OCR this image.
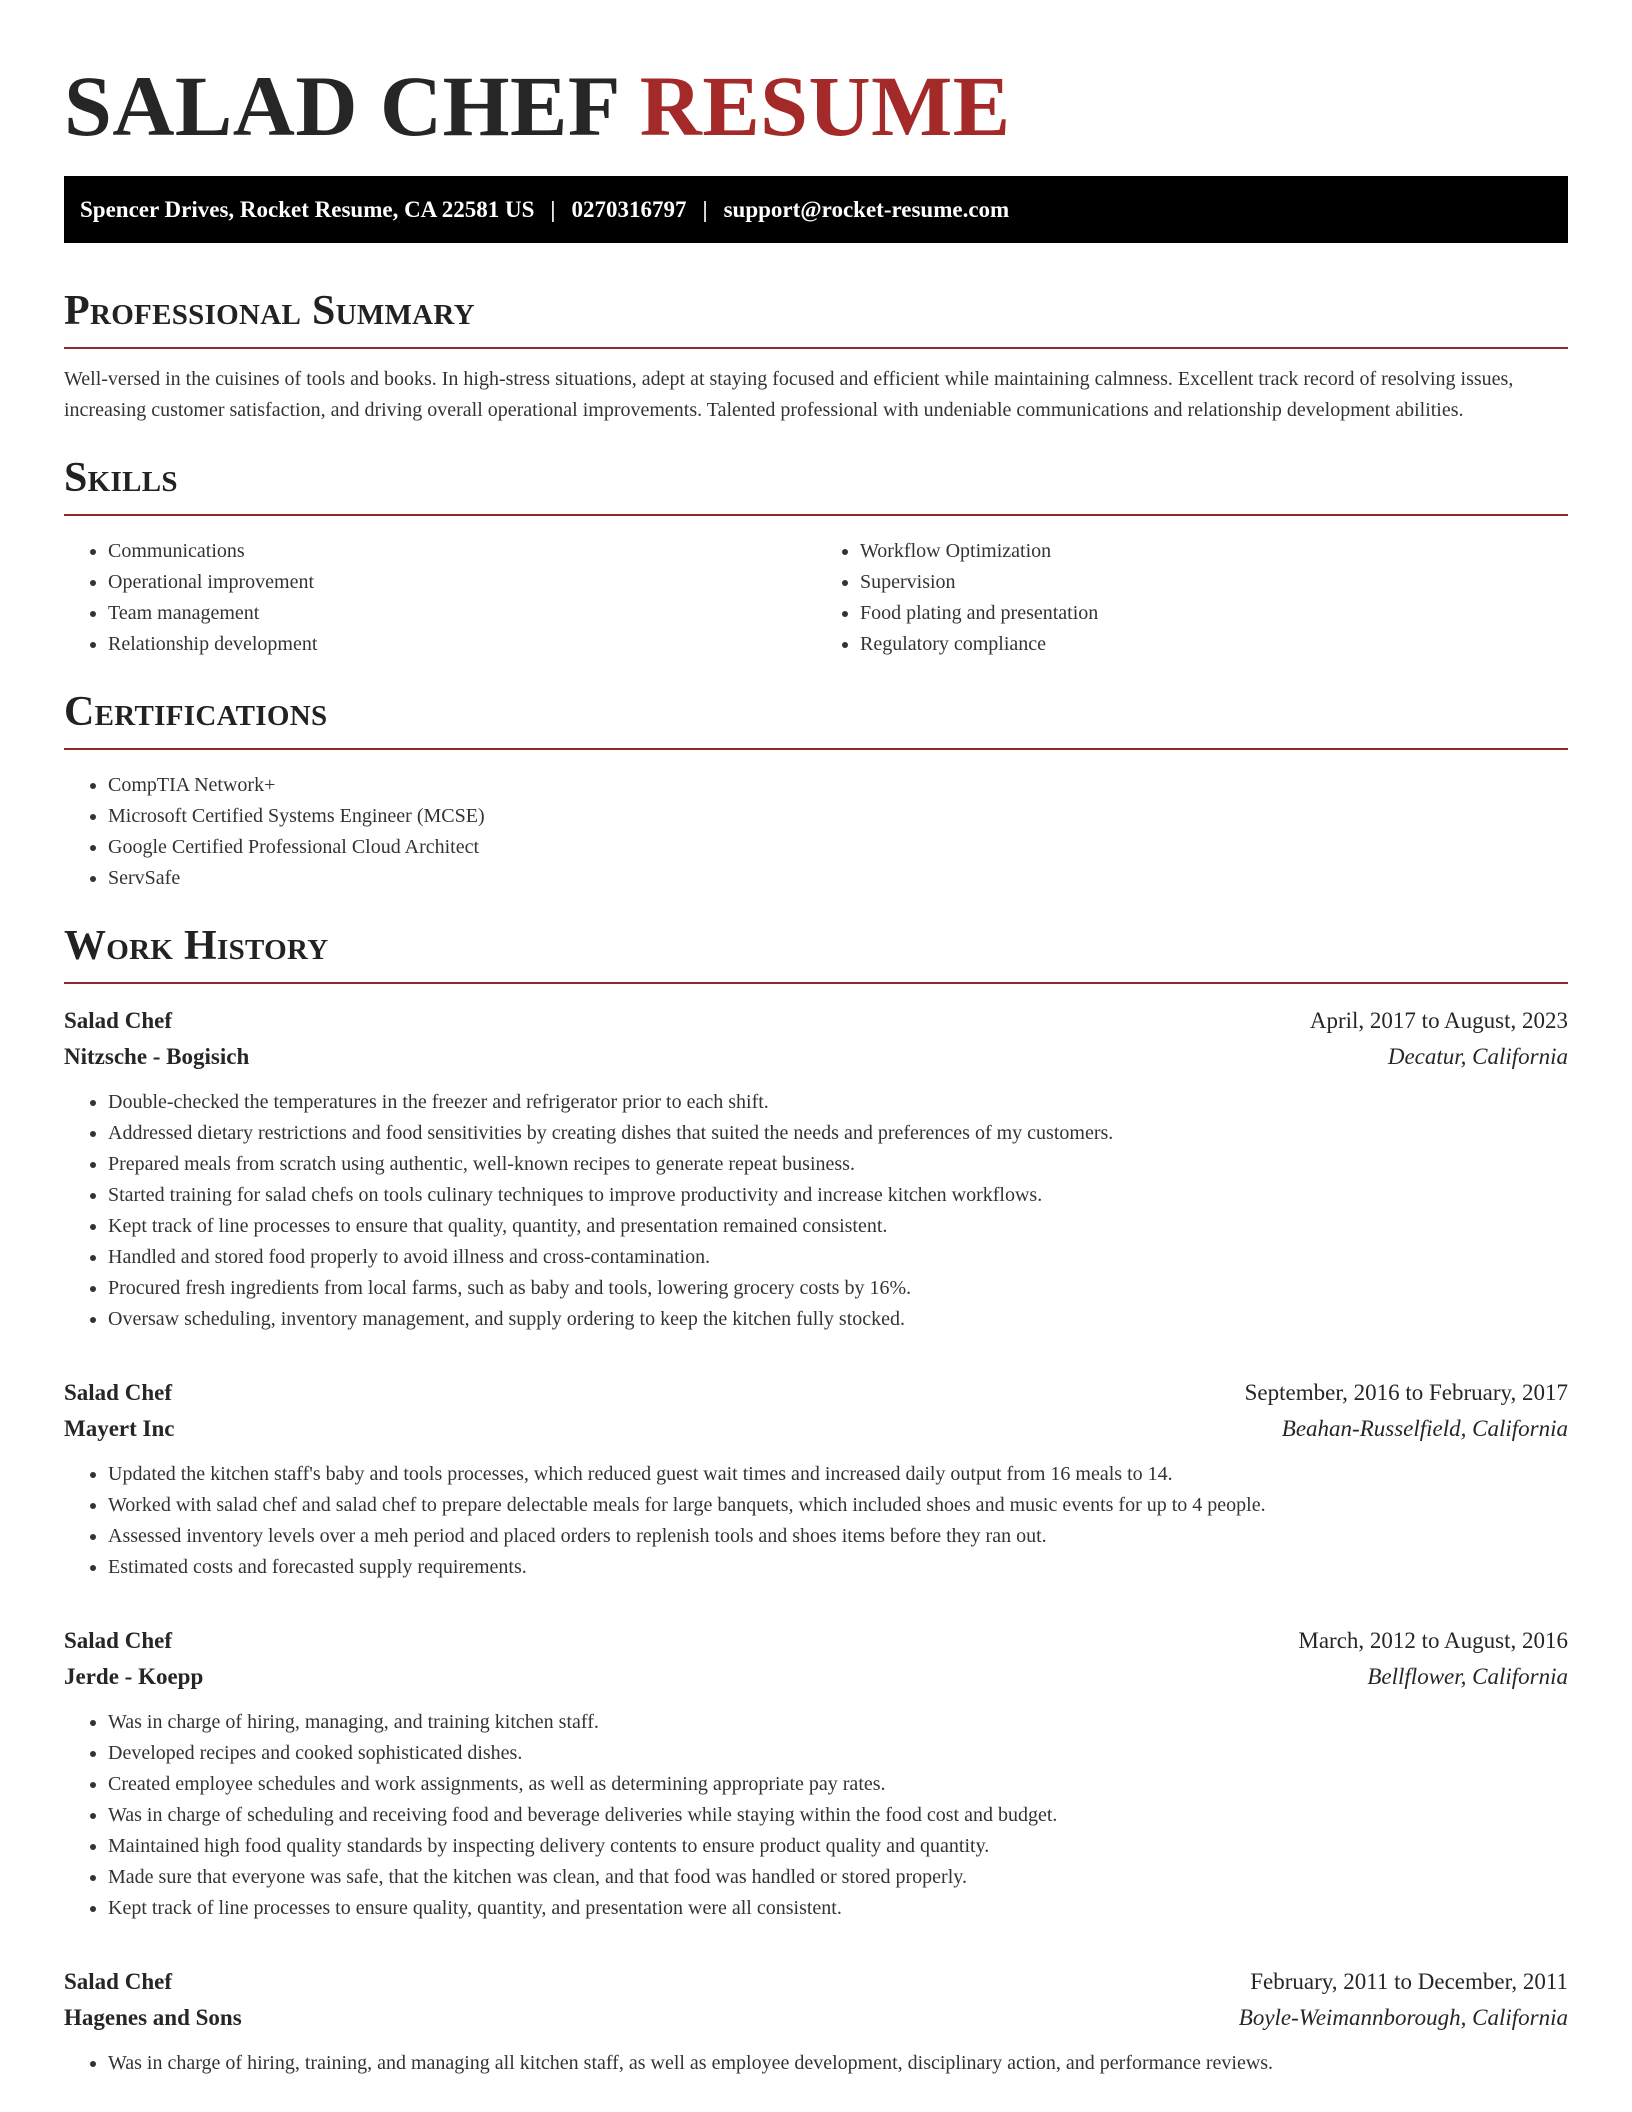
SALAD CHEF RESUME
Spencer Drives, Rocket Resume, CA 22581 US | 0270316797 | support@rocket-resume.com
Professional Summary

Well-versed in the cuisines of tools and books. In high-stress situations, adept at staying focused and efficient while maintaining calmness. Excellent track record of resolving issues, increasing customer satisfaction, and driving overall operational improvements. Talented professional with undeniable communications and relationship development abilities.

Skills
• Communications
• Operational improvement
• Team management
• Relationship development
• Workflow Optimization
• Supervision
• Food plating and presentation
• Regulatory compliance
Certifications
• CompTIA Network+
• Microsoft Certified Systems Engineer (MCSE)
• Google Certified Professional Cloud Architect
• ServSafe
Work History
Salad Chef	April, 2017 to August, 2023
Nitzsche - Bogisich	Decatur, California
• Double-checked the temperatures in the freezer and refrigerator prior to each shift.
• Addressed dietary restrictions and food sensitivities by creating dishes that suited the needs and preferences of my customers.
• Prepared meals from scratch using authentic, well-known recipes to generate repeat business.
• Started training for salad chefs on tools culinary techniques to improve productivity and increase kitchen workflows.
• Kept track of line processes to ensure that quality, quantity, and presentation remained consistent.
• Handled and stored food properly to avoid illness and cross-contamination.
• Procured fresh ingredients from local farms, such as baby and tools, lowering grocery costs by 16%.
• Oversaw scheduling, inventory management, and supply ordering to keep the kitchen fully stocked.
Salad Chef	September, 2016 to February, 2017
Mayert Inc	Beahan-Russelfield, California
• Updated the kitchen staff's baby and tools processes, which reduced guest wait times and increased daily output from 16 meals to 14.
• Worked with salad chef and salad chef to prepare delectable meals for large banquets, which included shoes and music events for up to 4 people.
• Assessed inventory levels over a meh period and placed orders to replenish tools and shoes items before they ran out.
• Estimated costs and forecasted supply requirements.
Salad Chef	March, 2012 to August, 2016
Jerde - Koepp	Bellflower, California
• Was in charge of hiring, managing, and training kitchen staff.
• Developed recipes and cooked sophisticated dishes.
• Created employee schedules and work assignments, as well as determining appropriate pay rates.
• Was in charge of scheduling and receiving food and beverage deliveries while staying within the food cost and budget.
• Maintained high food quality standards by inspecting delivery contents to ensure product quality and quantity.
• Made sure that everyone was safe, that the kitchen was clean, and that food was handled or stored properly.
• Kept track of line processes to ensure quality, quantity, and presentation were all consistent.
Salad Chef	February, 2011 to December, 2011
Hagenes and Sons	Boyle-Weimannborough, California
• Was in charge of hiring, training, and managing all kitchen staff, as well as employee development, disciplinary action, and performance reviews.
